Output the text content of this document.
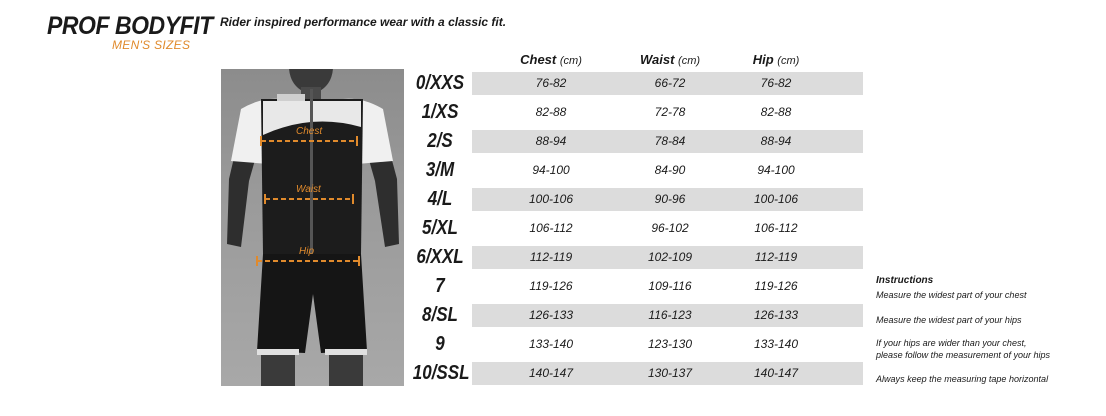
PROF BODYFIT
MEN'S SIZES
Rider inspired performance wear with a classic fit.
Chest
Waist
Hip
Chest (cm)	Waist (cm)	Hip (cm)
0/XXS	76-82	66-72	76-82
1/XS	82-88	72-78	82-88
2/S	88-94	78-84	88-94
3/M	94-100	84-90	94-100
4/L	100-106	90-96	100-106
5/XL	106-112	96-102	106-112
6/XXL	112-119	102-109	112-119
7	119-126	109-116	119-126
8/SL	126-133	116-123	126-133
9	133-140	123-130	133-140
10/SSL	140-147	130-137	140-147
Instructions
Measure the widest part of your chest
Measure the widest part of your hips
If your hips are wider than your chest,
please follow the measurement of your hips
Always keep the measuring tape horizontal
